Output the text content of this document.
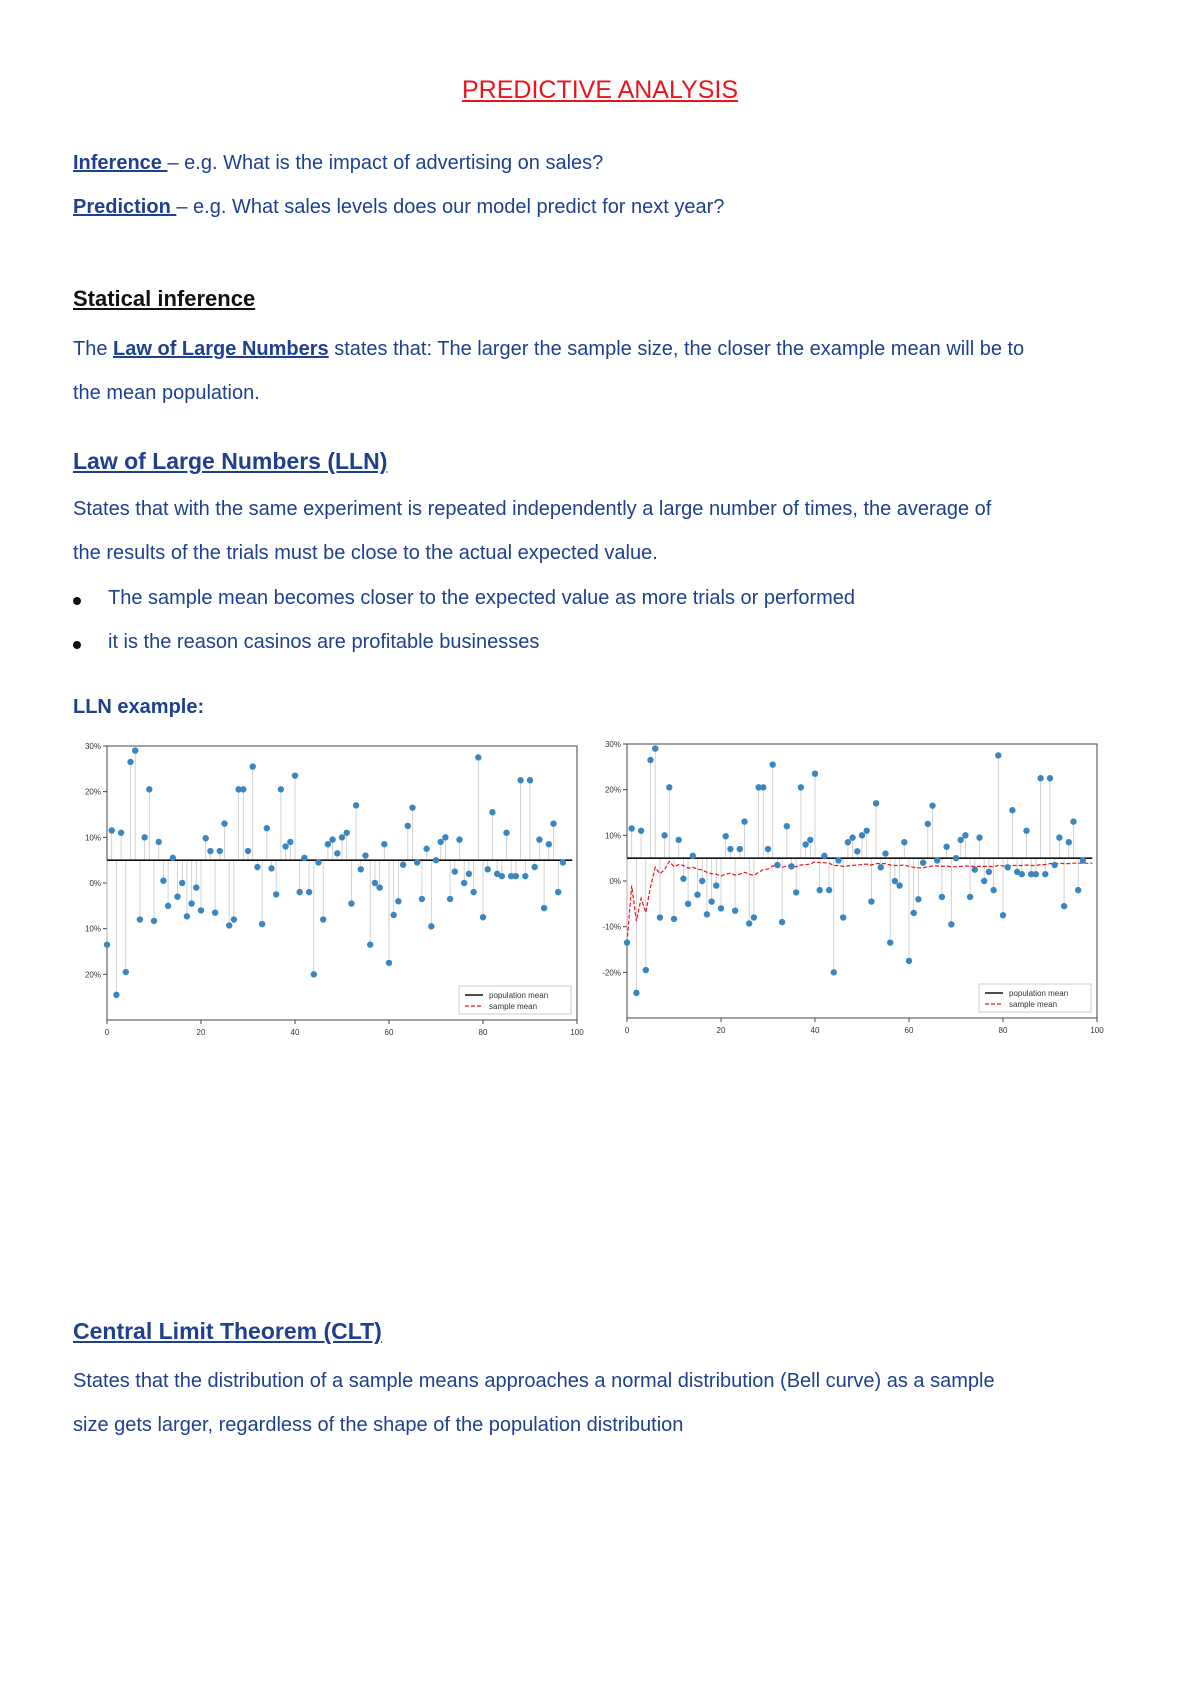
PREDICTIVE ANALYSIS
Inference – e.g. What is the impact of advertising on sales?
Prediction – e.g. What sales levels does our model predict for next year?
Statical inference
The Law of Large Numbers states that: The larger the sample size, the closer the example mean will be to
the mean population.
Law of Large Numbers (LLN)
States that with the same experiment is repeated independently a large number of times, the average of
the results of the trials must be close to the actual expected value.
The sample mean becomes closer to the expected value as more trials or performed
it is the reason casinos are profitable businesses
LLN example:
30%
20%
10%
0%
10%
20%
0	20	40	60	80	100
population mean
sample mean
30%
20%
10%
0%
-10%
-20%
0	20	40	60	80	100
population mean
sample mean
Central Limit Theorem (CLT)
States that the distribution of a sample means approaches a normal distribution (Bell curve) as a sample
size gets larger, regardless of the shape of the population distribution
